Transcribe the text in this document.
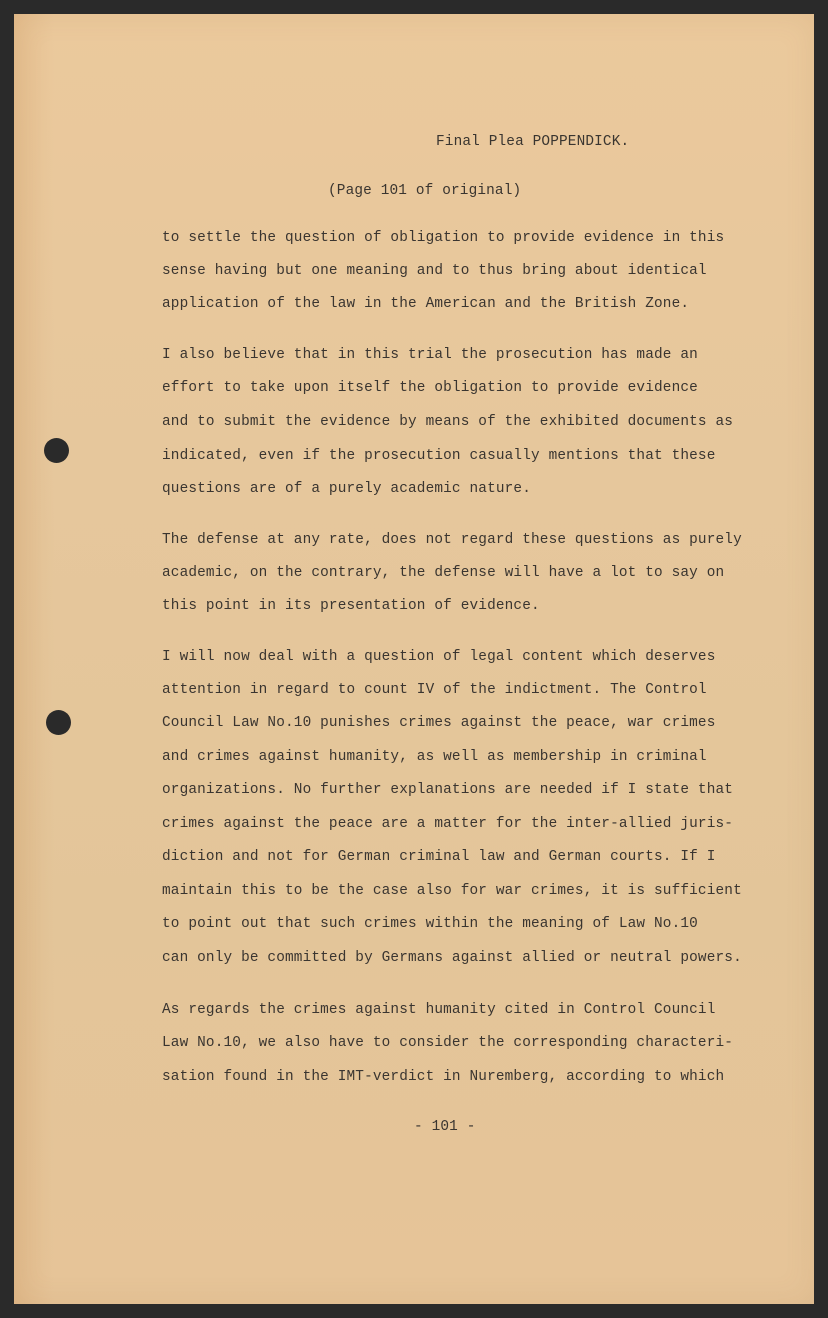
Final Plea POPPENDICK.
(Page 101 of original)
to settle the question of obligation to provide evidence in this
sense having but one meaning and to thus bring about identical
application of the law in the American and the British Zone.
I also believe that in this trial the prosecution has made an
effort to take upon itself the obligation to provide evidence
and to submit the evidence by means of the exhibited documents as
indicated, even if the prosecution casually mentions that these
questions are of a purely academic nature.
The defense at any rate, does not regard these questions as purely
academic, on the contrary, the defense will have a lot to say on
this point in its presentation of evidence.
I will now deal with a question of legal content which deserves
attention in regard to count IV of the indictment. The Control
Council Law No.10 punishes crimes against the peace, war crimes
and crimes against humanity, as well as membership in criminal
organizations. No further explanations are needed if I state that
crimes against the peace are a matter for the inter-allied juris-
diction and not for German criminal law and German courts. If I
maintain this to be the case also for war crimes, it is sufficient
to point out that such crimes within the meaning of Law No.10
can only be committed by Germans against allied or neutral powers.
As regards the crimes against humanity cited in Control Council
Law No.10, we also have to consider the corresponding characteri-
sation found in the IMT-verdict in Nuremberg, according to which
- 101 -
